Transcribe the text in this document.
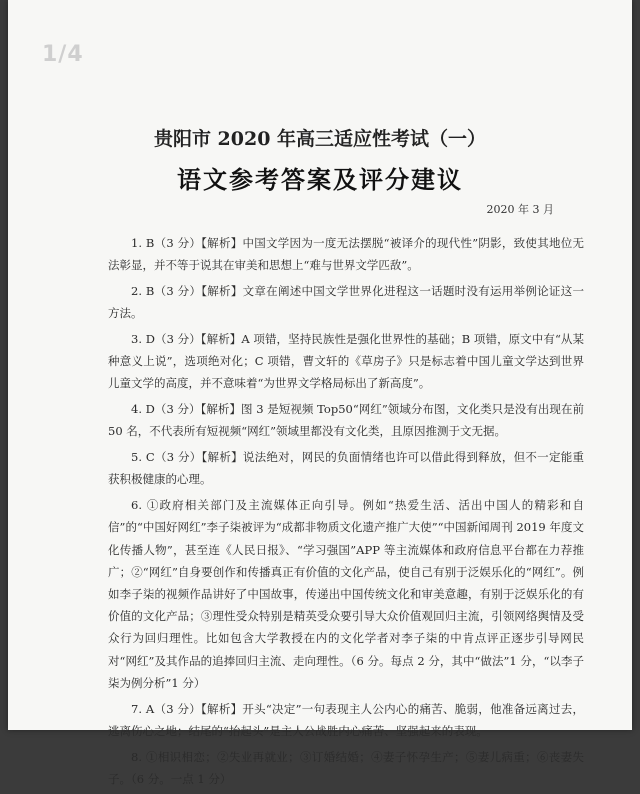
1/4
贵阳市 2020 年高三适应性考试（一）
语文参考答案及评分建议
2020 年 3 月

1. B（3 分）【解析】中国文学因为一度无法摆脱“被译介的现代性”阴影，致使其地位无法彰显，并不等于说其在审美和思想上“难与世界文学匹敌”。

2. B（3 分）【解析】文章在阐述中国文学世界化进程这一话题时没有运用举例论证这一方法。

3. D（3 分）【解析】A 项错，坚持民族性是强化世界性的基础；B 项错，原文中有“从某种意义上说”，选项绝对化；C 项错，曹文轩的《草房子》只是标志着中国儿童文学达到世界儿童文学的高度，并不意味着“为世界文学格局标出了新高度”。

4. D（3 分）【解析】图 3 是短视频 Top50“网红”领域分布图，文化类只是没有出现在前 50 名，不代表所有短视频“网红”领域里都没有文化类，且原因推测于文无据。

5. C（3 分）【解析】说法绝对，网民的负面情绪也许可以借此得到释放，但不一定能重获积极健康的心理。

6. ①政府相关部门及主流媒体正向引导。例如“热爱生活、活出中国人的精彩和自信”的“中国好网红”李子柒被评为“成都非物质文化遗产推广大使”“中国新闻周刊 2019 年度文化传播人物”，甚至连《人民日报》、“学习强国”APP 等主流媒体和政府信息平台都在力荐推广；②“网红”自身要创作和传播真正有价值的文化产品，使自己有别于泛娱乐化的“网红”。例如李子柒的视频作品讲好了中国故事，传递出中国传统文化和审美意趣，有别于泛娱乐化的有价值的文化产品；③理性受众特别是精英受众要引导大众价值观回归主流，引领网络舆情及受众行为回归理性。比如包含大学教授在内的文化学者对李子柒的中肯点评正逐步引导网民对“网红”及其作品的追捧回归主流、走向理性。（6 分。每点 2 分，其中“做法”1 分，“以李子柒为例分析”1 分）

7. A（3 分）【解析】开头“决定”一句表现主人公内心的痛苦、脆弱，他准备远离过去，逃离伤心之地；结尾的“抬起头”是主人公战胜内心痛苦、坚强起来的表现。

8. ①相识相恋；②失业再就业；③订婚结婚；④妻子怀孕生产；⑤妻儿病重；⑥丧妻失子。（6 分。一点 1 分）
